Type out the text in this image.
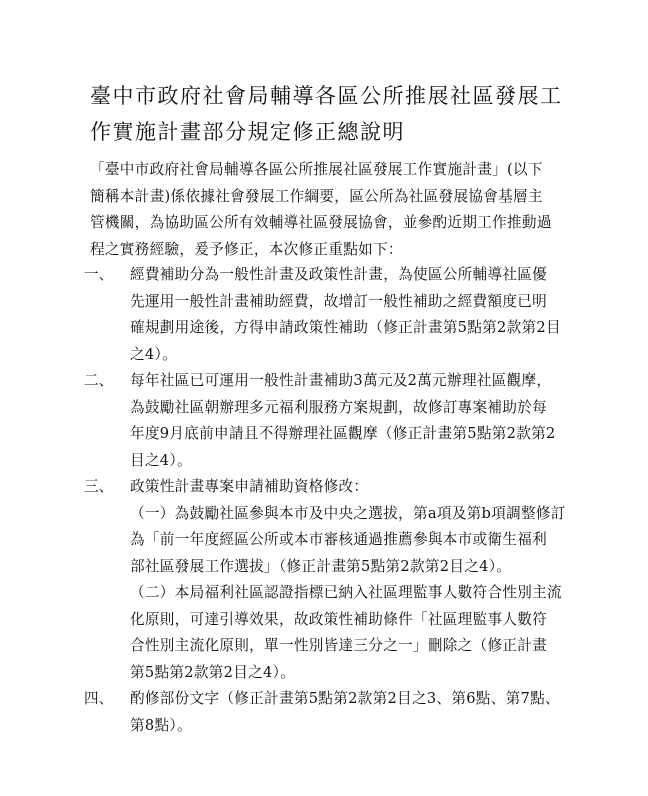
臺中市政府社會局輔導各區公所推展社區發展工
作實施計畫部分規定修正總說明
「臺中市政府社會局輔導各區公所推展社區發展工作實施計畫」(以下
簡稱本計畫)係依據社會發展工作綱要，區公所為社區發展協會基層主
管機關，為協助區公所有效輔導社區發展協會，並參酌近期工作推動過
程之實務經驗，爰予修正，本次修正重點如下：
一、 經費補助分為一般性計畫及政策性計畫，為使區公所輔導社區優
先運用一般性計畫補助經費，故增訂一般性補助之經費額度已明
確規劃用途後，方得申請政策性補助（修正計畫第5點第2款第2目
之4）。
二、 每年社區已可運用一般性計畫補助3萬元及2萬元辦理社區觀摩，
為鼓勵社區朝辦理多元福利服務方案規劃，故修訂專案補助於每
年度9月底前申請且不得辦理社區觀摩（修正計畫第5點第2款第2
目之4）。
三、 政策性計畫專案申請補助資格修改：
（一）為鼓勵社區參與本市及中央之選拔，第a項及第b項調整修訂
為「前一年度經區公所或本市審核通過推薦參與本市或衛生福利
部社區發展工作選拔」（修正計畫第5點第2款第2目之4）。
（二）本局福利社區認證指標已納入社區理監事人數符合性別主流
化原則，可達引導效果，故政策性補助條件「社區理監事人數符
合性別主流化原則，單一性別皆達三分之一」刪除之（修正計畫
第5點第2款第2目之4）。
四、 酌修部份文字（修正計畫第5點第2款第2目之3、第6點、第7點、
第8點）。
